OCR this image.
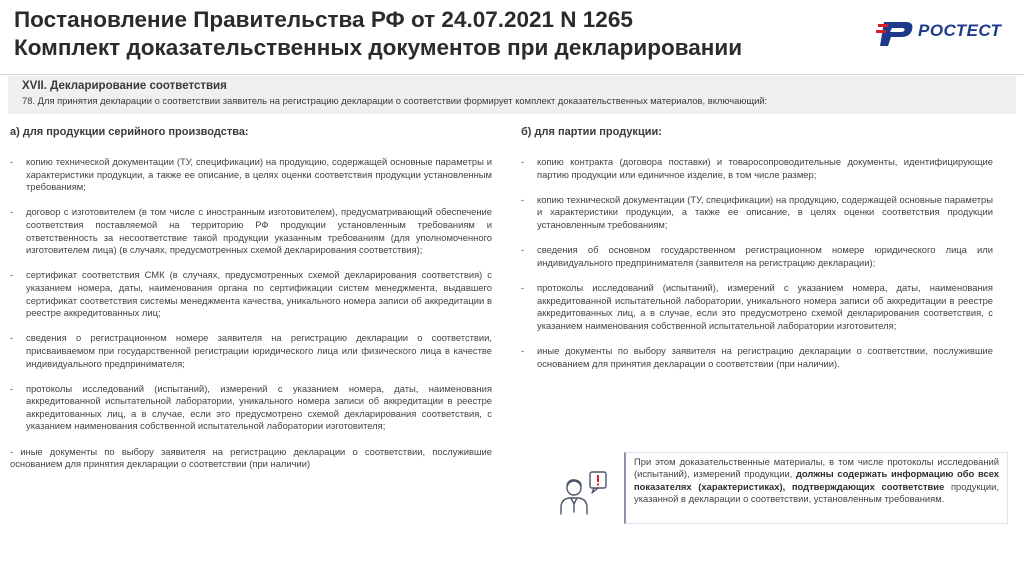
Постановление Правительства РФ от 24.07.2021 N 1265
Комплект доказательственных документов при декларировании
РОСТЕСТ
XVII. Декларирование соответствия

78. Для принятия декларации о соответствии заявитель на регистрацию декларации о соответствии формирует комплект доказательственных материалов, включающий:

а) для продукции серийного производства:
-	копию технической документации (ТУ, спецификации) на продукцию, содержащей основные параметры и характеристики продукции, а также ее описание, в целях оценки соответствия продукции установленным требованиям;
-	договор с изготовителем (в том числе с иностранным изготовителем), предусматривающий обеспечение соответствия поставляемой на территорию РФ продукции установленным требованиям и ответственность за несоответствие такой продукции указанным требованиям (для уполномоченного изготовителем лица) (в случаях, предусмотренных схемой декларирования соответствия);
-	сертификат соответствия СМК (в случаях, предусмотренных схемой декларирования соответствия) с указанием номера, даты, наименования органа по сертификации систем менеджмента, выдавшего сертификат соответствия системы менеджмента качества, уникального номера записи об аккредитации в реестре аккредитованных лиц;
-	сведения о регистрационном номере заявителя на регистрацию декларации о соответствии, присваиваемом при государственной регистрации юридического лица или физического лица в качестве индивидуального предпринимателя;
-	протоколы исследований (испытаний), измерений с указанием номера, даты, наименования аккредитованной испытательной лаборатории, уникального номера записи об аккредитации в реестре аккредитованных лиц, а в случае, если это предусмотрено схемой декларирования соответствия, с указанием наименования собственной испытательной лаборатории изготовителя;
- иные документы по выбору заявителя на регистрацию декларации о соответствии, послужившие основанием для принятия декларации о соответствии (при наличии)
б) для партии продукции:
-	копию контракта (договора поставки) и товаросопроводительные документы, идентифицирующие партию продукции или единичное изделие, в том числе размер;
-	копию технической документации (ТУ, спецификации) на продукцию, содержащей основные параметры и характеристики продукции, а также ее описание, в целях оценки соответствия продукции установленным требованиям;
-	сведения об основном государственном регистрационном номере юридического лица или индивидуального предпринимателя (заявителя на регистрацию декларации);
-	протоколы исследований (испытаний), измерений с указанием номера, даты, наименования аккредитованной испытательной лаборатории, уникального номера записи об аккредитации в реестре аккредитованных лиц, а в случае, если это предусмотрено схемой декларирования соответствия, с указанием наименования собственной испытательной лаборатории изготовителя;
-	иные документы по выбору заявителя на регистрацию декларации о соответствии, послужившие основанием для принятия декларации о соответствии (при наличии).
При этом доказательственные материалы, в том числе протоколы исследований (испытаний), измерений продукции, должны содержать информацию обо всех показателях (характеристиках), подтверждающих соответствие продукции, указанной в декларации о соответствии, установленным требованиям.
